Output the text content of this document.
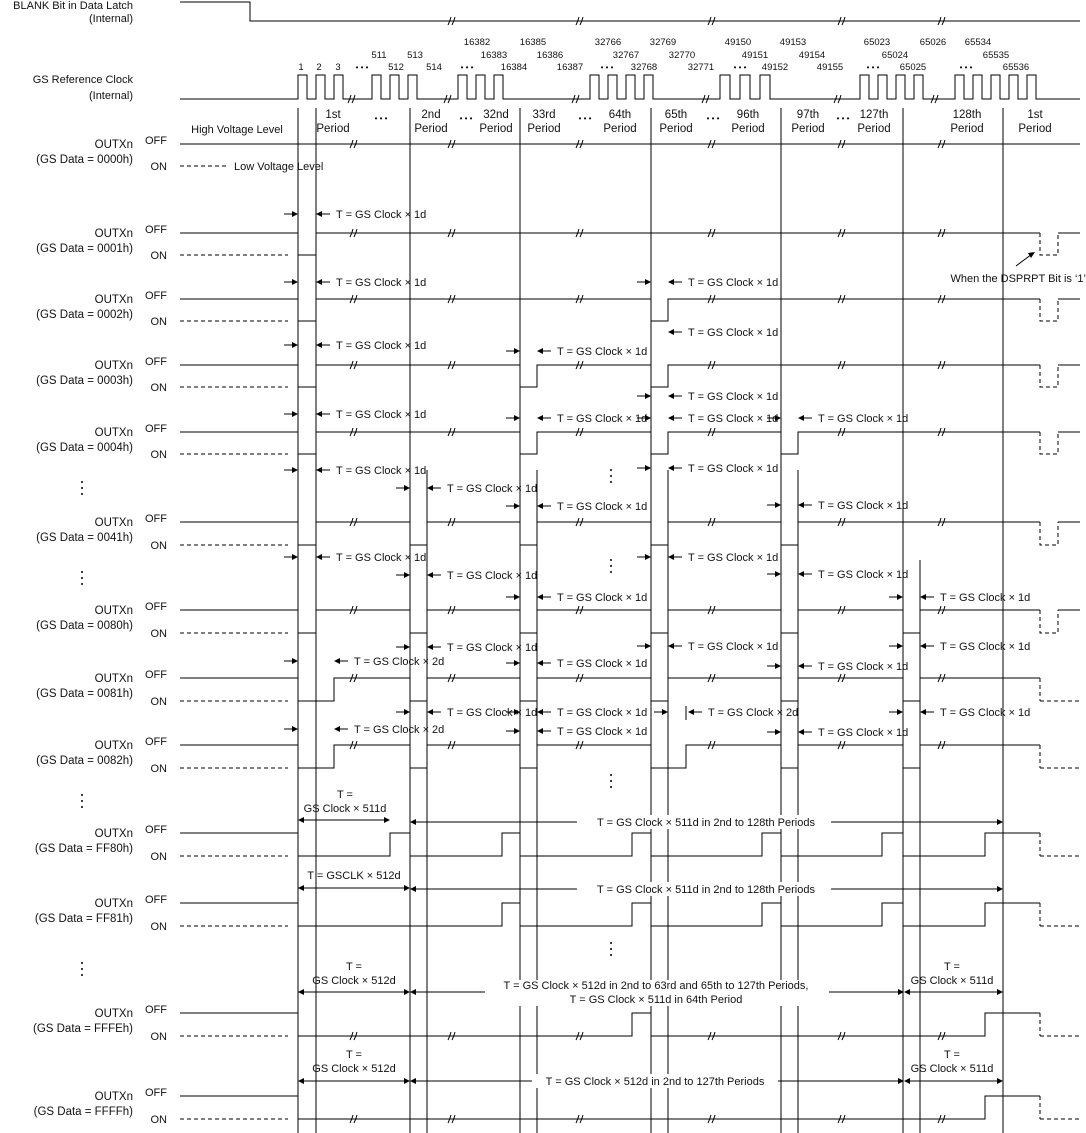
BLANK Bit in Data Latch
(Internal)
GS Reference Clock
(Internal)
1 2 3
511
512
513
514
16382
16383
16384
16385
16386
16387
32766
32767
32768
32769
32770
32771
49150
49151
49152
49153
49154
49155
65023
65024
65025
65026 65534
65535
65536
• • •	• • •	• • •	• • •	• • •	• • •
1st
Period
2nd
Period
32nd
Period
33rd
Period
64th
Period
65th
Period
96th
Period
97th
Period
127th
Period
128th
Period
1st
Period
• • •	• • •	• • •	• • •	• • •
OUTXn
(GS Data = 0000h)
OFF
ON
High Voltage Level
Low Voltage Level
OUTXn
(GS Data = 0001h)
OFF
ON
T = GS Clock × 1d
When the DSPRPT Bit is ‘1’
OUTXn
(GS Data = 0002h)
OFF
ON
T = GS Clock × 1d	T = GS Clock × 1d
T = GS Clock × 1d
OUTXn
(GS Data = 0003h)
OFF
ON
T = GS Clock × 1d	T = GS Clock × 1d
T = GS Clock × 1d
OUTXn
(GS Data = 0004h)
OFF
ON
T = GS Clock × 1d	T = GS Clock × 1d	T = GS Clock × 1d	T = GS Clock × 1d
OUTXn
(GS Data = 0041h)
OFF
ON
T = GS Clock × 1d
T = GS Clock × 1d
T = GS Clock × 1d
T = GS Clock × 1d
T = GS Clock × 1d
T = GS Clock × 1d	T = GS Clock × 1d
OUTXn
(GS Data = 0080h)
OFF
ON
T = GS Clock × 1d
T = GS Clock × 1d
T = GS Clock × 1d
T = GS Clock × 1d
T = GS Clock × 1d
T = GS Clock × 1d
T = GS Clock × 1d
T = GS Clock × 1d
T = GS Clock × 1d
T = GS Clock × 2d
OUTXn
(GS Data = 0081h)
OFF
ON
T = GS Clock × 1d T = GS Clock × 1d	T = GS Clock × 2d	T = GS Clock × 1d
T = GS Clock × 2d	T = GS Clock × 1d	T = GS Clock × 1d
OUTXn
(GS Data = 0082h)
OFF
ON
OUTXn
(GS Data = FF80h)
OFF
ON
T =
GS Clock × 511d
T = GS Clock × 511d in 2nd to 128th Periods
OUTXn
(GS Data = FF81h)
OFF
ON
T = GSCLK × 512d
T = GS Clock × 511d in 2nd to 128th Periods
OUTXn
(GS Data = FFFEh)
OFF
ON
T =
GS Clock × 512d
T =
GS Clock × 511d
T = GS Clock × 512d in 2nd to 63rd and 65th to 127th Periods,
T = GS Clock × 511d in 64th Period
OUTXn
(GS Data = FFFFh)
OFF
ON
T =
GS Clock × 512d
T =
GS Clock × 511d
T = GS Clock × 512d in 2nd to 127th Periods
